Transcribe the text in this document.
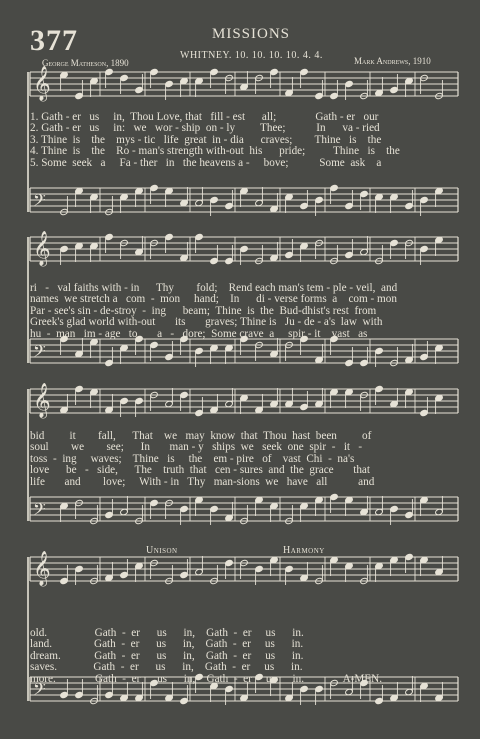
𝄞
𝄢
𝄞
𝄢
𝄞
𝄢
𝄞
𝄢
377	MISSIONS
WHITNEY. 10. 10. 10. 10. 4. 4.
George Matheson, 1890	Mark Andrews, 1910
1. Gath - er   us     in,  Thou Love, that   fill - est      all;              Gath - er   our
2. Gath - er   us     in:   we   wor - ship  on - ly         Thee;           In      va - ried
3. Thine  is    the    mys - tic   life  great  in - dia      craves;        Thine   is    the
4. Thine  is    the    Ro - man's strength with-out  his      pride;          Thine   is    the
5. Some  seek   a     Fa - ther   in   the heavens a -     bove;           Some  ask    a
ri   -   val faiths with - in      Thy        fold;    Rend each man's tem - ple - veil,  and
names  we stretch a   com  -  mon     hand;    In      di - verse forms  a    com - mon
Par - see's sin - de-stroy  -  ing      beam;  Thine  is  the  Bud-dhist's rest  from
Greek's glad world with-out       its       graves; Thine is   Ju - de - a's  law  with
hu  -  man   im - age   to       a   -   dore;  Some crave  a     spir - it    vast   as
bid         it        fall,      That    we   may  know  that  Thou  hast  been         of
soul        we        see;      In       man - y   ships  we   seek  one  spir  -   it   -
toss  -  ing     waves;    Thine   is     the    em - pire   of    vast  Chi  -  na's
love      be   -   side,      The    truth  that   cen - sures  and  the  grace       that
life       and        love;     With - in   Thy   man-sions  we   have   all           and
Unison	Harmony
old.                 Gath  -  er      us      in,    Gath  -  er     us      in.
land.               Gath  -  er      us      in,    Gath  -  er     us      in.
dream.            Gath  -  er      us      in,    Gath  -  er     us      in.
saves.             Gath  -  er      us      in,    Gath  -  er     us      in.
more.              Gath  -  er      us      in,    Gath  -  er     us      in.              A-MEN.
